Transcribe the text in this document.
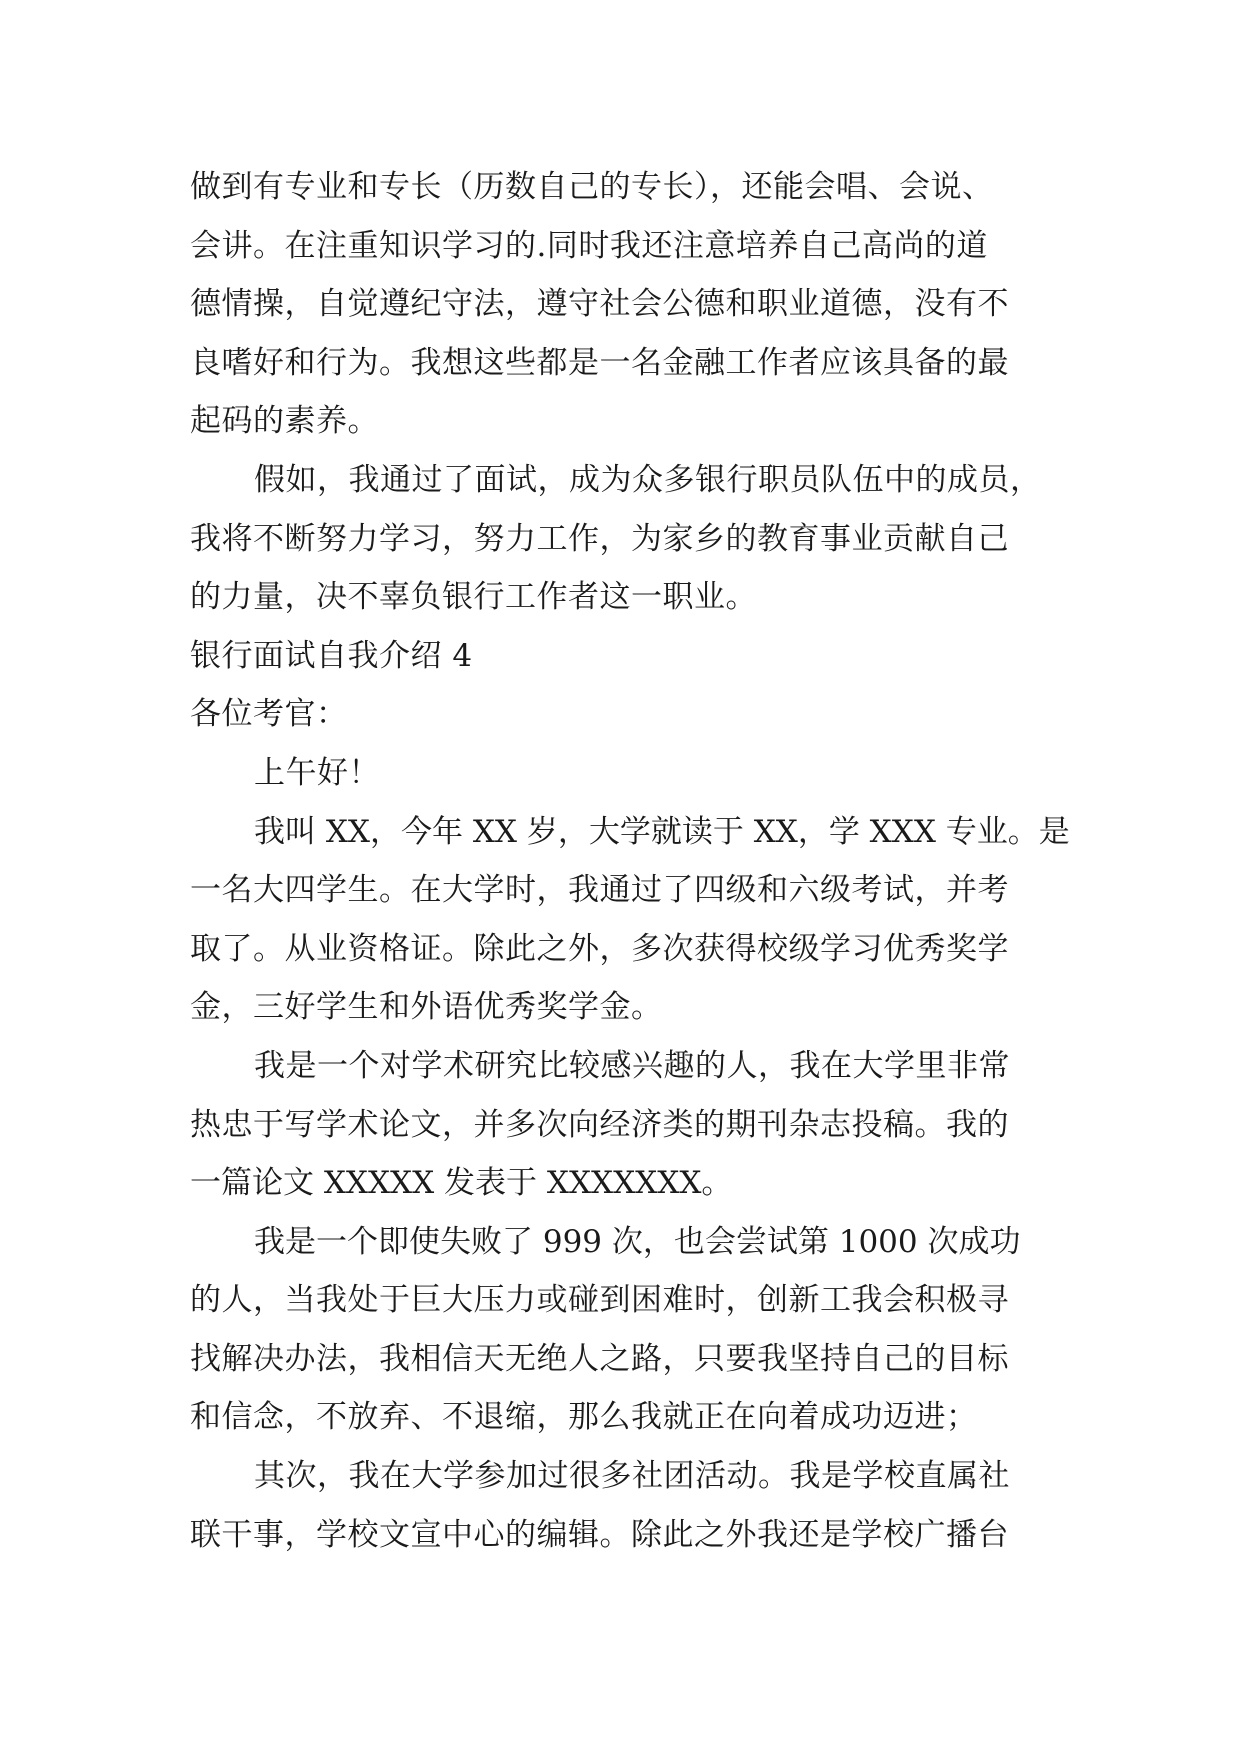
做到有专业和专长（历数自己的专长），还能会唱、会说、
会讲。在注重知识学习的.同时我还注意培养自己高尚的道
德情操，自觉遵纪守法，遵守社会公德和职业道德，没有不
良嗜好和行为。我想这些都是一名金融工作者应该具备的最
起码的素养。
假如，我通过了面试，成为众多银行职员队伍中的成员，
我将不断努力学习，努力工作，为家乡的教育事业贡献自己
的力量，决不辜负银行工作者这一职业。
银行面试自我介绍 4
各位考官：
上午好！
我叫 XX，今年 XX 岁，大学就读于 XX，学 XXX 专业。是
一名大四学生。在大学时，我通过了四级和六级考试，并考
取了。从业资格证。除此之外，多次获得校级学习优秀奖学
金，三好学生和外语优秀奖学金。
我是一个对学术研究比较感兴趣的人，我在大学里非常
热忠于写学术论文，并多次向经济类的期刊杂志投稿。我的
一篇论文 XXXXX 发表于 XXXXXXX。
我是一个即使失败了 999 次，也会尝试第 1000 次成功
的人，当我处于巨大压力或碰到困难时，创新工我会积极寻
找解决办法，我相信天无绝人之路，只要我坚持自己的目标
和信念，不放弃、不退缩，那么我就正在向着成功迈进；
其次，我在大学参加过很多社团活动。我是学校直属社
联干事，学校文宣中心的编辑。除此之外我还是学校广播台
